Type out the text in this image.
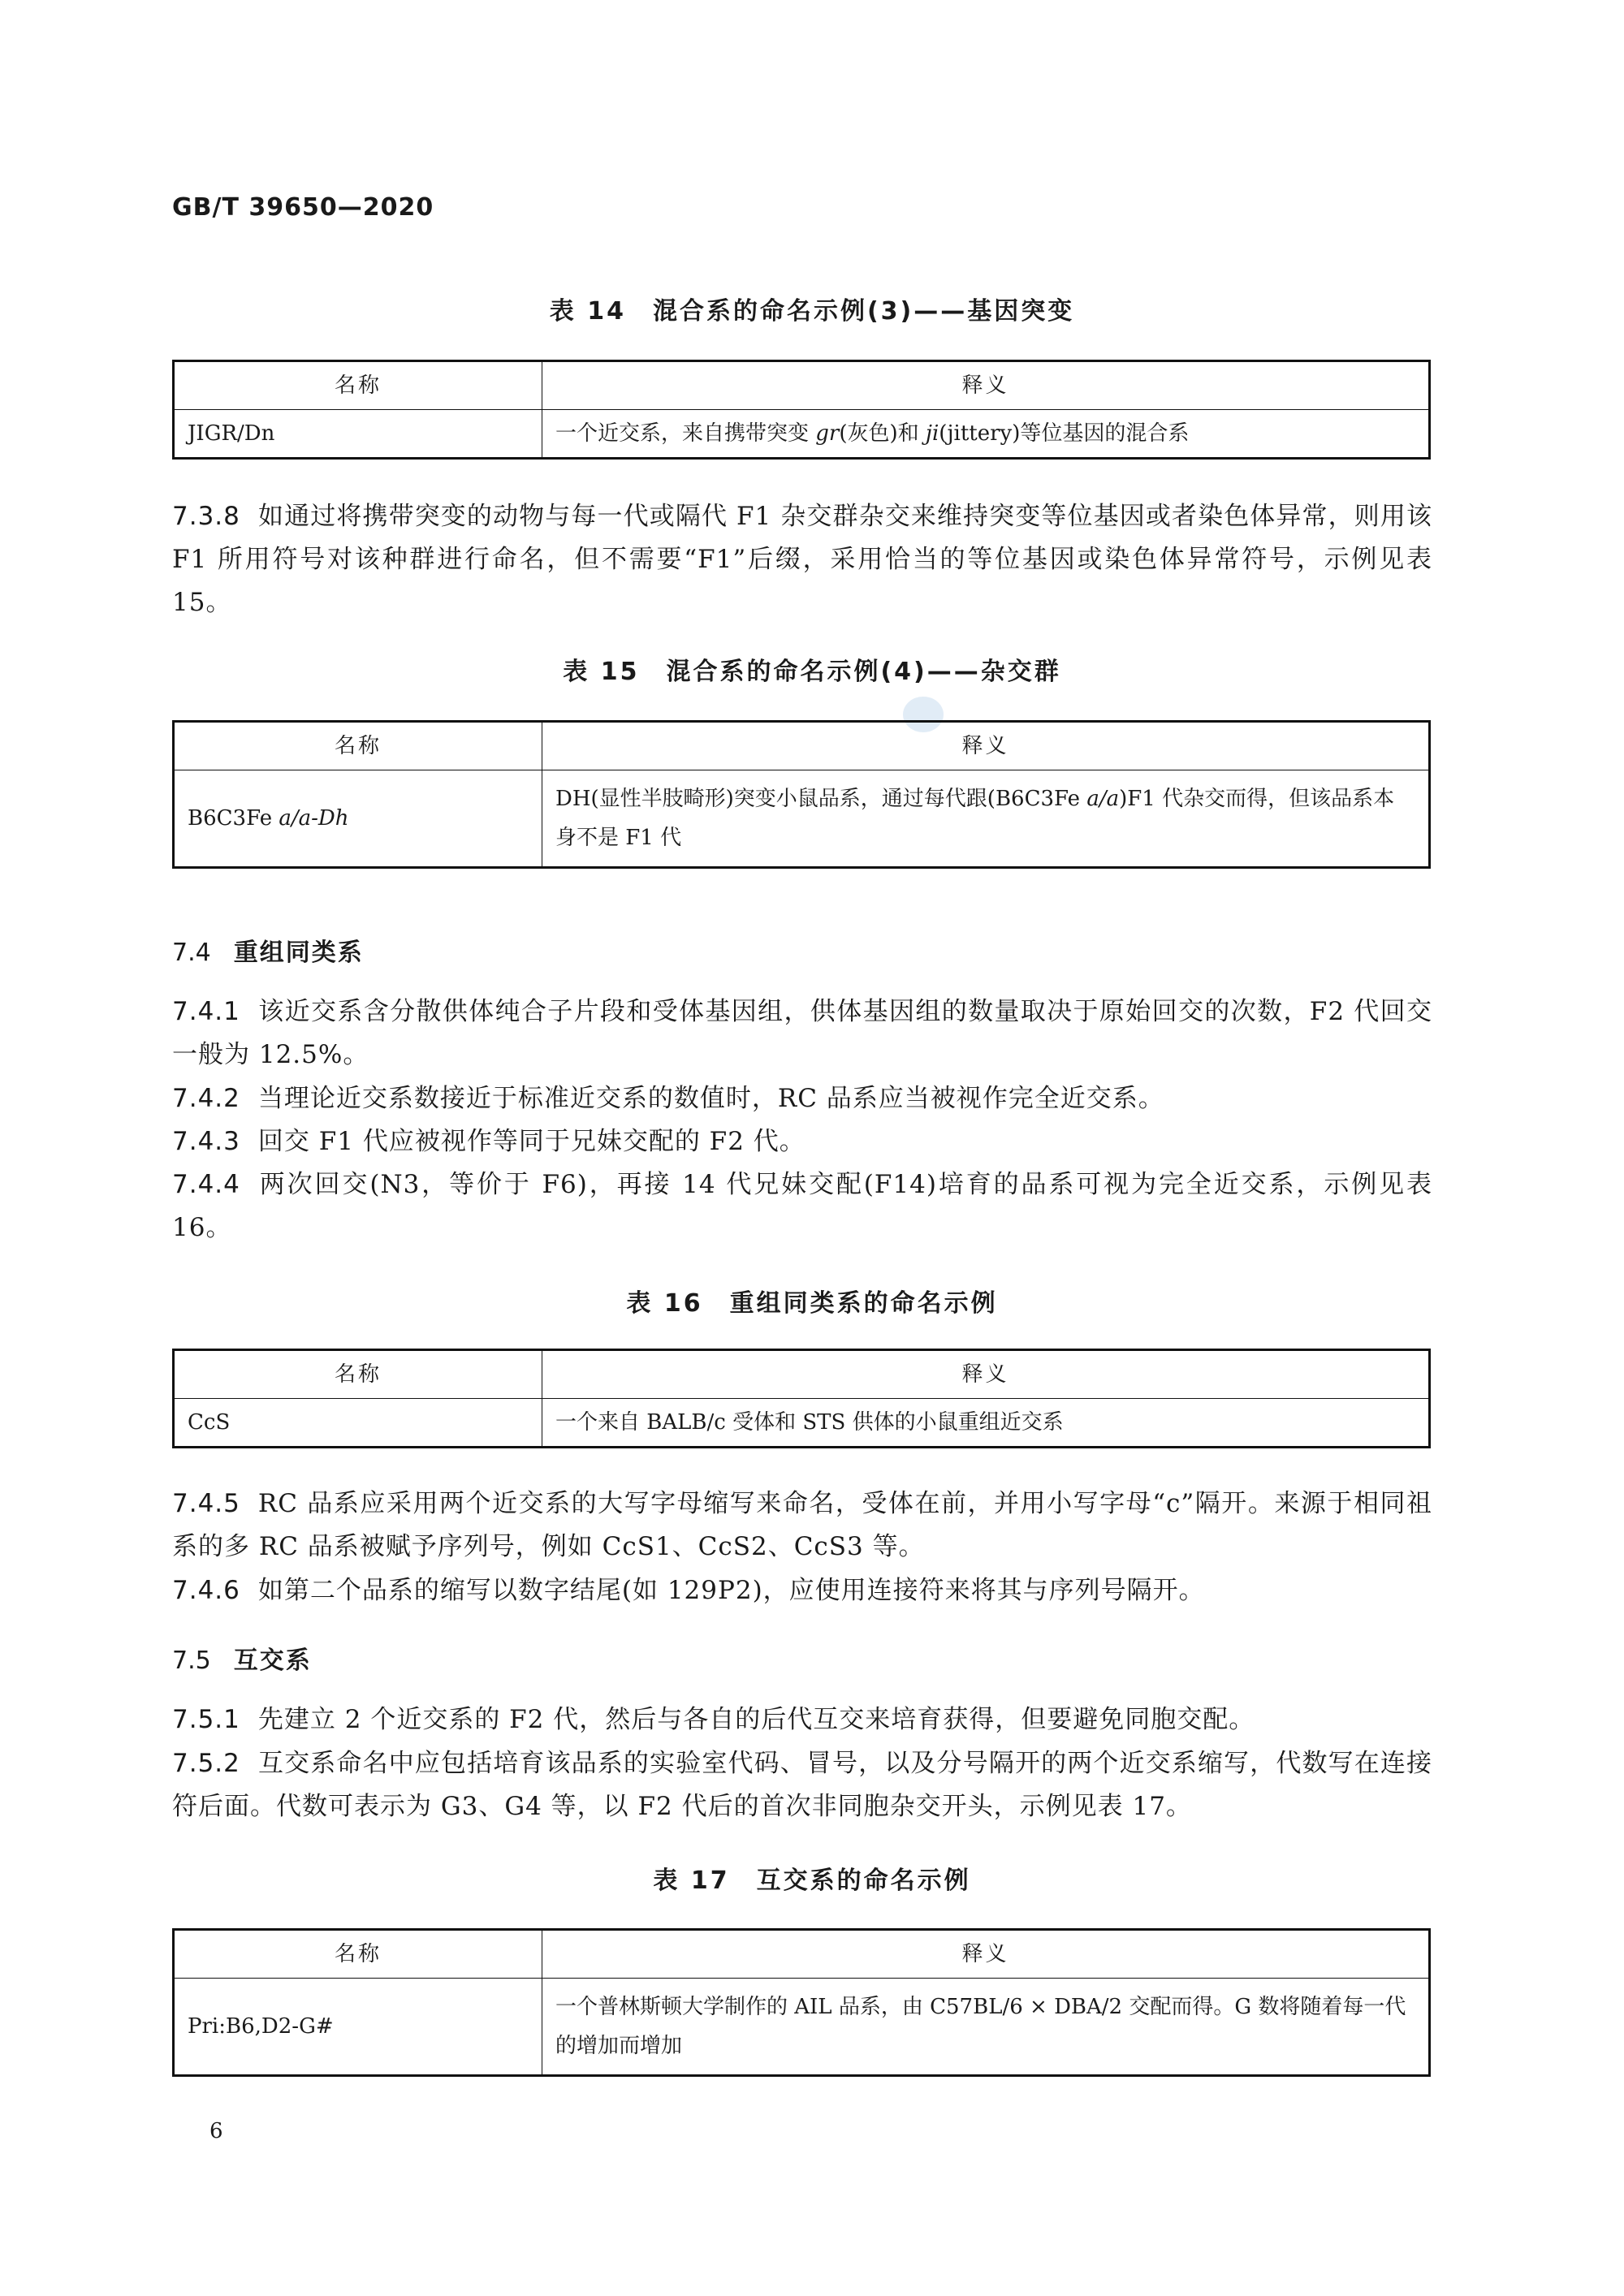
GB/T 39650—2020
表 14　混合系的命名示例(3)——基因突变
名称	释义
JIGR/Dn	一个近交系，来自携带突变 gr(灰色)和 ji(jittery)等位基因的混合系
7.3.8 如通过将携带突变的动物与每一代或隔代 F1 杂交群杂交来维持突变等位基因或者染色体异常，则用该 F1 所用符号对该种群进行命名，但不需要“F1”后缀，采用恰当的等位基因或染色体异常符号，示例见表 15。
表 15　混合系的命名示例(4)——杂交群
名称	释义
B6C3Fe a/a-Dh	DH(显性半肢畸形)突变小鼠品系，通过每代跟(B6C3Fe a/a)F1 代杂交而得，但该品系本身不是 F1 代
7.4 重组同类系
7.4.1 该近交系含分散供体纯合子片段和受体基因组，供体基因组的数量取决于原始回交的次数，F2 代回交一般为 12.5%。
7.4.2 当理论近交系数接近于标准近交系的数值时，RC 品系应当被视作完全近交系。
7.4.3 回交 F1 代应被视作等同于兄妹交配的 F2 代。
7.4.4 两次回交(N3，等价于 F6)，再接 14 代兄妹交配(F14)培育的品系可视为完全近交系，示例见表 16。
表 16　重组同类系的命名示例
名称	释义
CcS	一个来自 BALB/c 受体和 STS 供体的小鼠重组近交系
7.4.5 RC 品系应采用两个近交系的大写字母缩写来命名，受体在前，并用小写字母“c”隔开。来源于相同祖系的多 RC 品系被赋予序列号，例如 CcS1、CcS2、CcS3 等。
7.4.6 如第二个品系的缩写以数字结尾(如 129P2)，应使用连接符来将其与序列号隔开。
7.5 互交系
7.5.1 先建立 2 个近交系的 F2 代，然后与各自的后代互交来培育获得，但要避免同胞交配。
7.5.2 互交系命名中应包括培育该品系的实验室代码、冒号，以及分号隔开的两个近交系缩写，代数写在连接符后面。代数可表示为 G3、G4 等，以 F2 代后的首次非同胞杂交开头，示例见表 17。
表 17　互交系的命名示例
名称	释义
Pri:B6,D2-G#	一个普林斯顿大学制作的 AIL 品系，由 C57BL/6 × DBA/2 交配而得。G 数将随着每一代的增加而增加
6
